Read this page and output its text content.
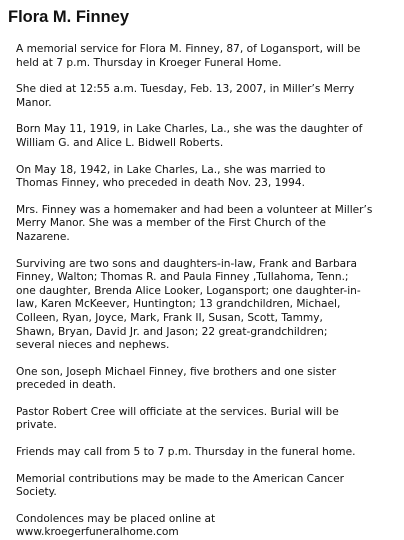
Flora M. Finney

A memorial service for Flora M. Finney, 87, of Logansport, will be
held at 7 p.m. Thursday in Kroeger Funeral Home.

She died at 12:55 a.m. Tuesday, Feb. 13, 2007, in Miller’s Merry
Manor.

Born May 11, 1919, in Lake Charles, La., she was the daughter of
William G. and Alice L. Bidwell Roberts.

On May 18, 1942, in Lake Charles, La., she was married to
Thomas Finney, who preceded in death Nov. 23, 1994.

Mrs. Finney was a homemaker and had been a volunteer at Miller’s
Merry Manor. She was a member of the First Church of the
Nazarene.

Surviving are two sons and daughters-in-law, Frank and Barbara
Finney, Walton; Thomas R. and Paula Finney ,Tullahoma, Tenn.;
one daughter, Brenda Alice Looker, Logansport; one daughter-in-
law, Karen McKeever, Huntington; 13 grandchildren, Michael,
Colleen, Ryan, Joyce, Mark, Frank II, Susan, Scott, Tammy,
Shawn, Bryan, David Jr. and Jason; 22 great-grandchildren;
several nieces and nephews.

One son, Joseph Michael Finney, five brothers and one sister
preceded in death.

Pastor Robert Cree will officiate at the services. Burial will be
private.

Friends may call from 5 to 7 p.m. Thursday in the funeral home.

Memorial contributions may be made to the American Cancer
Society.

Condolences may be placed online at
www.kroegerfuneralhome.com
